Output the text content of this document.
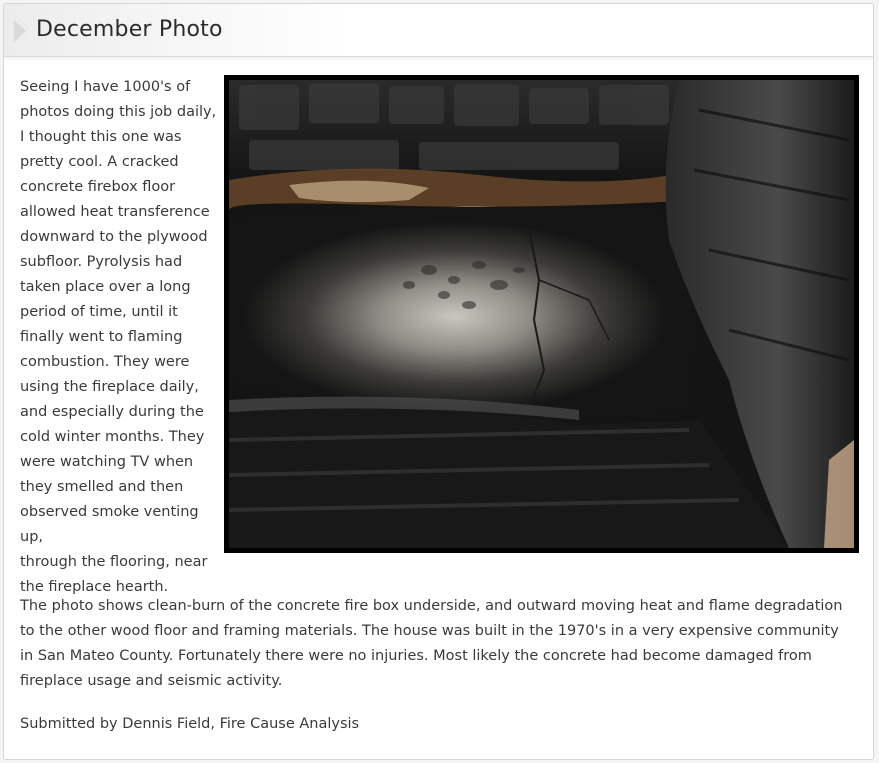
December Photo
Seeing I have 1000's of
photos doing this job daily,
I thought this one was
pretty cool. A cracked
concrete firebox floor
allowed heat transference
downward to the plywood
subfloor. Pyrolysis had
taken place over a long
period of time, until it
finally went to flaming
combustion. They were
using the fireplace daily,
and especially during the
cold winter months. They
were watching TV when
they smelled and then
observed smoke venting up,
through the flooring, near
the fireplace hearth.
The photo shows clean-burn of the concrete fire box underside, and outward moving heat and flame degradation to the other wood floor and framing materials. The house was built in the 1970's in a very expensive community in San Mateo County. Fortunately there were no injuries. Most likely the concrete had become damaged from fireplace usage and seismic activity.
Submitted by Dennis Field, Fire Cause Analysis
